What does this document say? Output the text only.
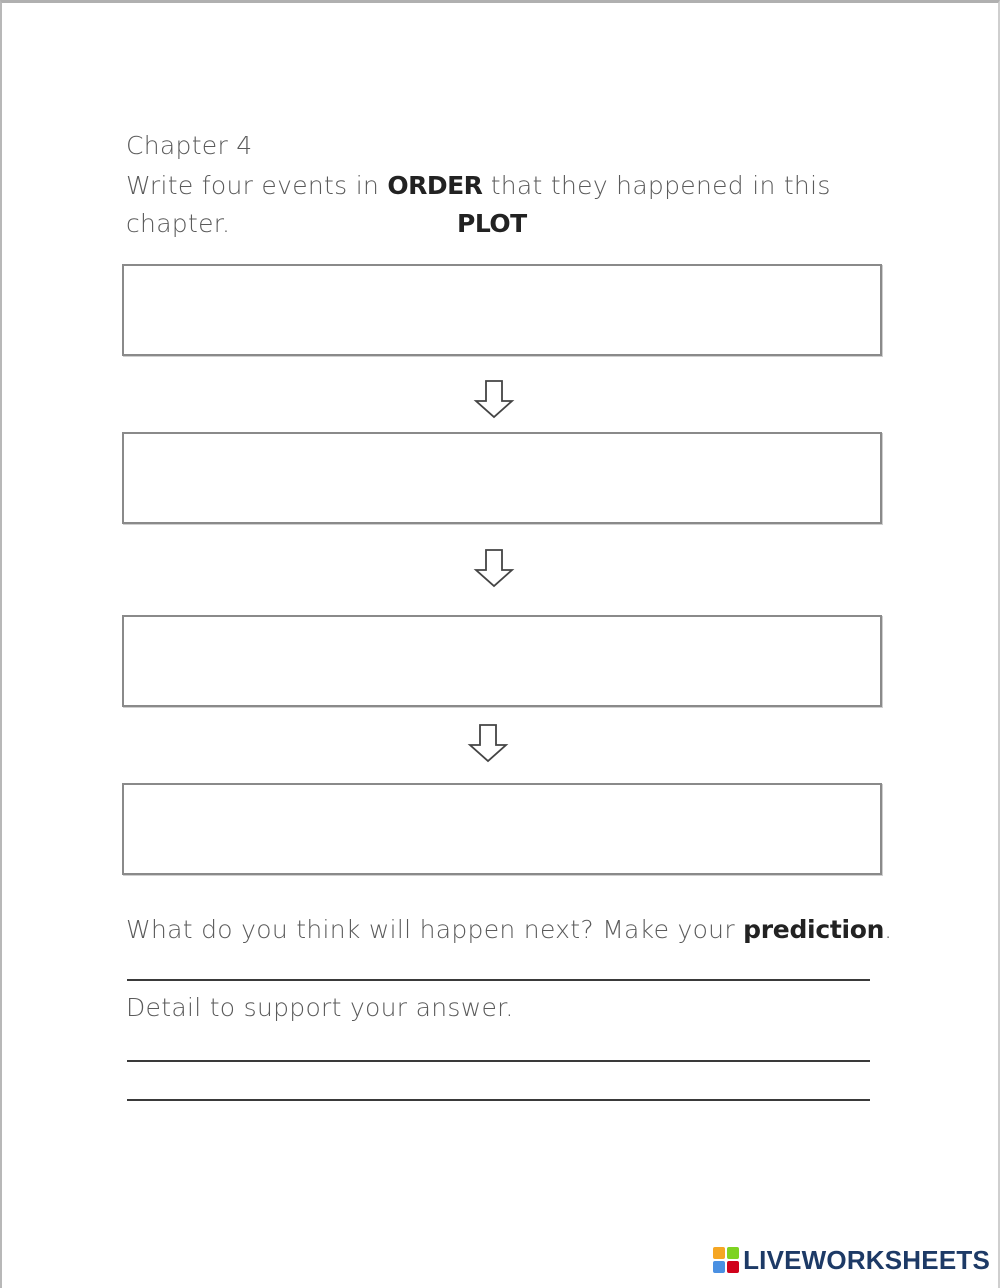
Chapter 4
Write four events in ORDER that they happened in this
chapter.	PLOT
What do you think will happen next? Make your prediction.
Detail to support your answer.
LIVEWORKSHEETS
